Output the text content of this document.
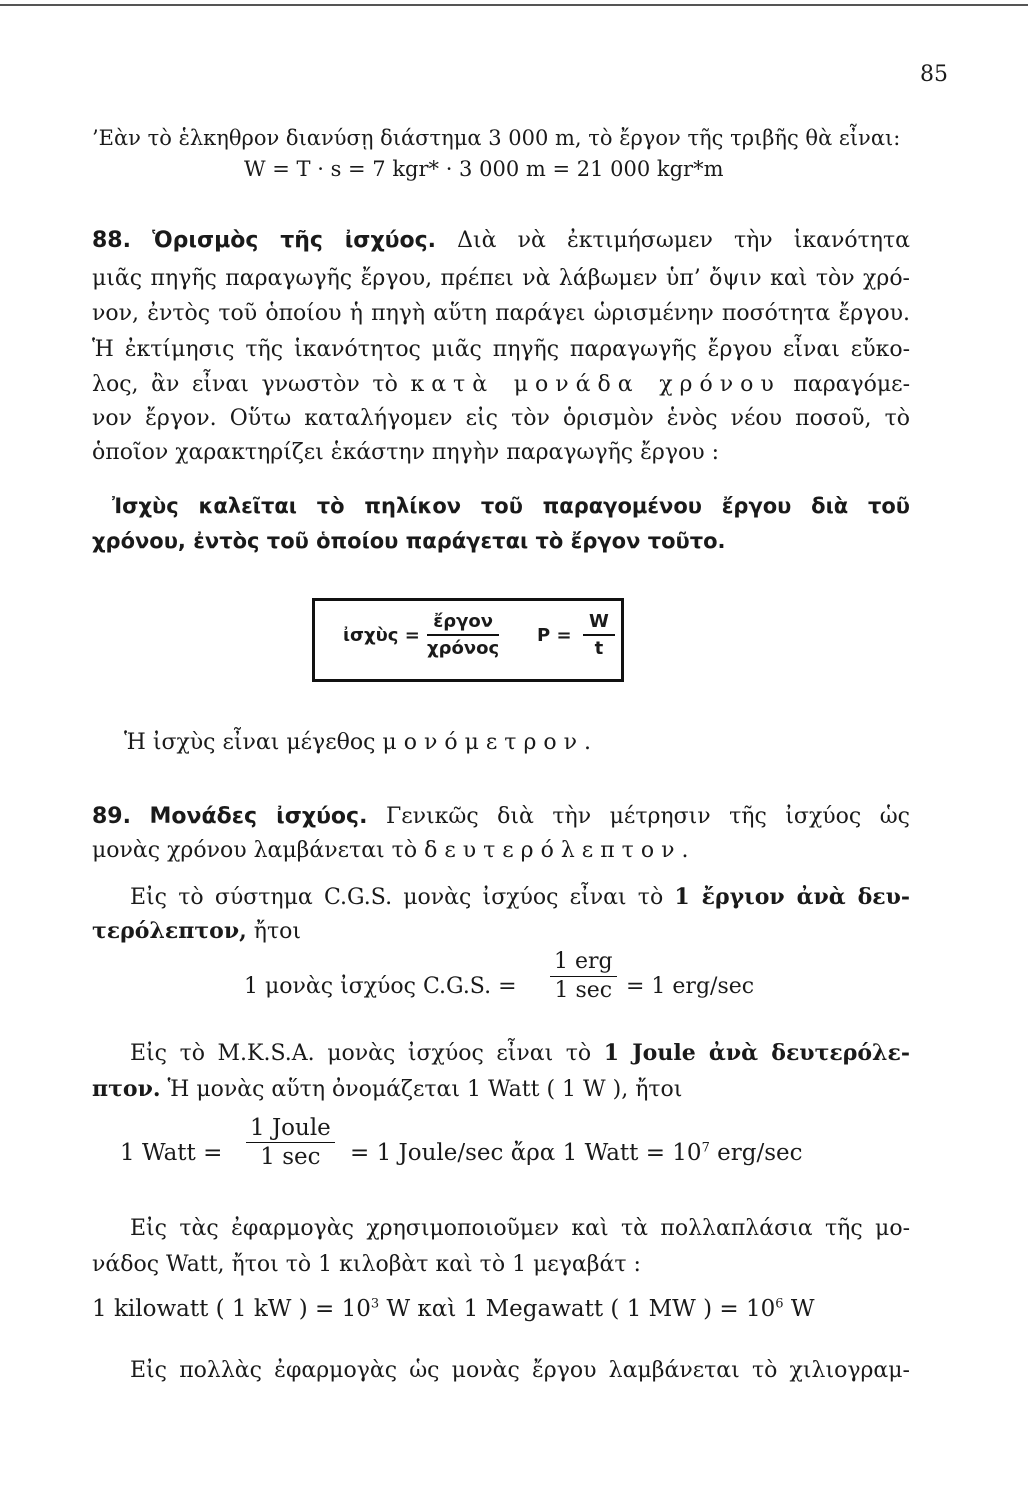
85
’Εὰν τὸ ἑλκηθρον διανύσῃ διάστημα 3 000 m, τὸ ἔργον τῆς τριβῆς θὰ εἶναι:
W = T · s = 7 kgr* · 3 000 m = 21 000 kgr*m
88. Ὁρισμὸς τῆς ἰσχύος. Διὰ νὰ ἐκτιμήσωμεν τὴν ἱκανότητα
μιᾶς πηγῆς παραγωγῆς ἔργου, πρέπει νὰ λάβωμεν ὑπ’ ὄψιν καὶ τὸν χρό-
νον, ἐντὸς τοῦ ὁποίου ἡ πηγὴ αὕτη παράγει ὡρισμένην ποσότητα ἔργου.
Ἡ ἐκτίμησις τῆς ἱκανότητος μιᾶς πηγῆς παραγωγῆς ἔργου εἶναι εὔκο-
λος, ἂν εἶναι γνωστὸν τὸ κατὰ μονάδα χρόνου παραγόμε-
νον ἔργον. Οὕτω καταλήγομεν εἰς τὸν ὁρισμὸν ἑνὸς νέου ποσοῦ, τὸ
ὁποῖον χαρακτηρίζει ἑκάστην πηγὴν παραγωγῆς ἔργου :
Ἰσχὺς καλεῖται τὸ πηλίκον τοῦ παραγομένου ἔργου διὰ τοῦ
χρόνου, ἐντὸς τοῦ ὁποίου παράγεται τὸ ἔργον τοῦτο.
ἰσχὺς =
ἔργον
χρόνος
$P = \frac{W}{t}$
Ἡ ἰσχὺς εἶναι μέγεθος μονόμετρον.
89. Μονάδες ἰσχύος. Γενικῶς διὰ τὴν μέτρησιν τῆς ἰσχύος ὡς
μονὰς χρόνου λαμβάνεται τὸ δευτερόλεπτον.
Εἰς τὸ σύστημα C.G.S. μονὰς ἰσχύος εἶναι τὸ 1 ἔργιον ἀνὰ δευ-
τερόλεπτον, ἤτοι
1 μονὰς ἰσχύος C.G.S. =
1 erg
1 sec = 1 erg/sec
Εἰς τὸ M.K.S.A. μονὰς ἰσχύος εἶναι τὸ 1 Joule ἀνὰ δευτερόλε-
πτον. Ἡ μονὰς αὕτη ὀνομάζεται 1 Watt ( 1 W ), ἤτοι
1 Watt =
1 Joule
1 sec	= 1 Joule/sec ἄρα 1 Watt = $10^7$ erg/sec
Εἰς τὰς ἐφαρμογὰς χρησιμοποιοῦμεν καὶ τὰ πολλαπλάσια τῆς μο-
νάδος Watt, ἤτοι τὸ 1 κιλοβὰτ καὶ τὸ 1 μεγαβάτ :
1 kilowatt ( 1 kW ) = $10^3$ W καὶ 1 Megawatt ( 1 MW ) = $10^6$ W
Εἰς πολλὰς ἐφαρμογὰς ὡς μονὰς ἔργου λαμβάνεται τὸ χιλιογραμ-
